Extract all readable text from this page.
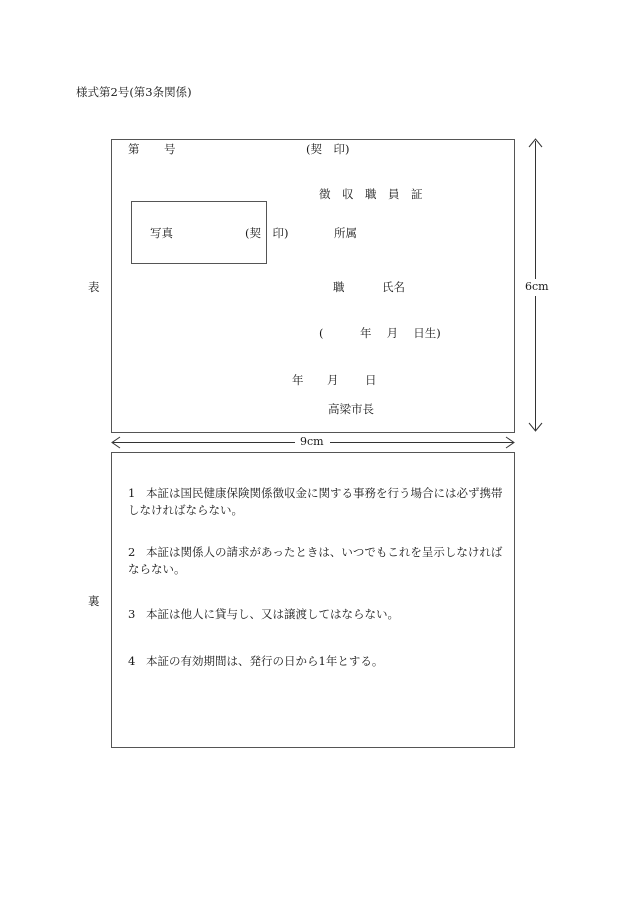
様式第2号(第3条関係)
表
第 号	(契　印)
徴　収　職　員　証
写真	(契　印)	所属
職	氏名
(	年　 月　 日生)
年 月 日
高梁市長
6cm
9cm
裏
1 本証は国民健康保険関係徴収金に関する事務を行う場合には必ず携帯しなければならない。
2 本証は関係人の請求があったときは、いつでもこれを呈示しなければならない。
3 本証は他人に貸与し、又は譲渡してはならない。
4 本証の有効期間は、発行の日から1年とする。
